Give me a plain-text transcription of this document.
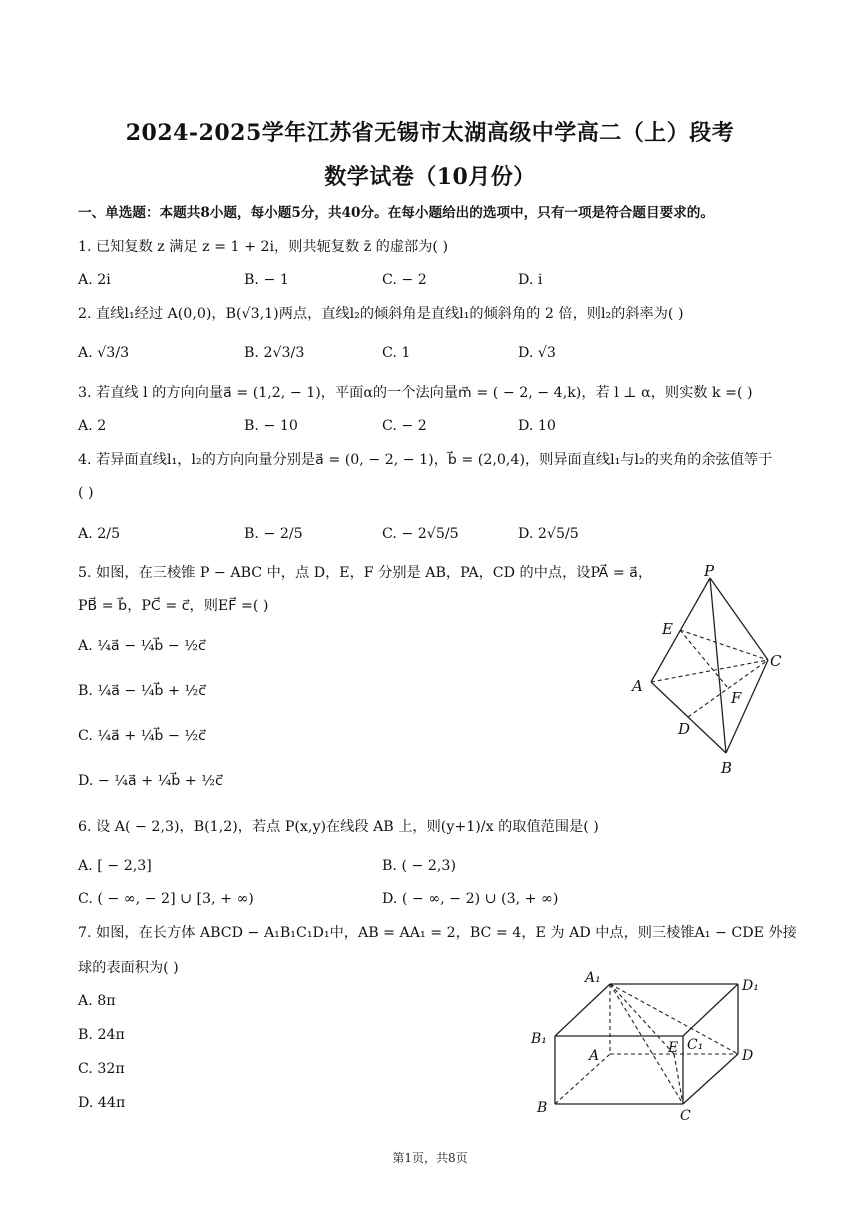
2024-2025学年江苏省无锡市太湖高级中学高二（上）段考
数学试卷（10月份）
一、单选题：本题共8小题，每小题5分，共40分。在每小题给出的选项中，只有一项是符合题目要求的。
1. 已知复数 z 满足 z = 1 + 2i，则共轭复数 z̄ 的虚部为( )
A. 2i	B. − 1	C. − 2	D. i
2. 直线l₁经过 A(0,0)，B(√3,1)两点，直线l₂的倾斜角是直线l₁的倾斜角的 2 倍，则l₂的斜率为( )
A. √3/3	B. 2√3/3	C. 1	D. √3
3. 若直线 l 的方向向量a⃗ = (1,2, − 1)，平面α的一个法向量m⃗ = ( − 2, − 4,k)，若 l ⊥ α，则实数 k =( )
A. 2	B. − 10	C. − 2	D. 10
4. 若异面直线l₁，l₂的方向向量分别是a⃗ = (0, − 2, − 1)，b⃗ = (2,0,4)，则异面直线l₁与l₂的夹角的余弦值等于
( )
A. 2/5	B. − 2/5	C. − 2√5/5	D. 2√5/5
5. 如图，在三棱锥 P − ABC 中，点 D，E，F 分别是 AB，PA，CD 的中点，设PA⃗ = a⃗，
PB⃗ = b⃗，PC⃗ = c⃗，则EF⃗ =( )
A. ¼a⃗ − ¼b⃗ − ½c⃗
B. ¼a⃗ − ¼b⃗ + ½c⃗
C. ¼a⃗ + ¼b⃗ − ½c⃗
D. − ¼a⃗ + ¼b⃗ + ½c⃗
P
E
C
A
F
D
B
6. 设 A( − 2,3)，B(1,2)，若点 P(x,y)在线段 AB 上，则(y+1)/x 的取值范围是( )
A. [ − 2,3]	B. ( − 2,3)
C. ( − ∞, − 2] ∪ [3, + ∞)	D. ( − ∞, − 2) ∪ (3, + ∞)
7. 如图，在长方体 ABCD − A₁B₁C₁D₁中，AB = AA₁ = 2，BC = 4，E 为 AD 中点，则三棱锥A₁ − CDE 外接
球的表面积为( )
A. 8π
B. 24π
C. 32π
D. 44π
A₁	D₁
B₁
A	E C₁
D
B	C
第1页，共8页
